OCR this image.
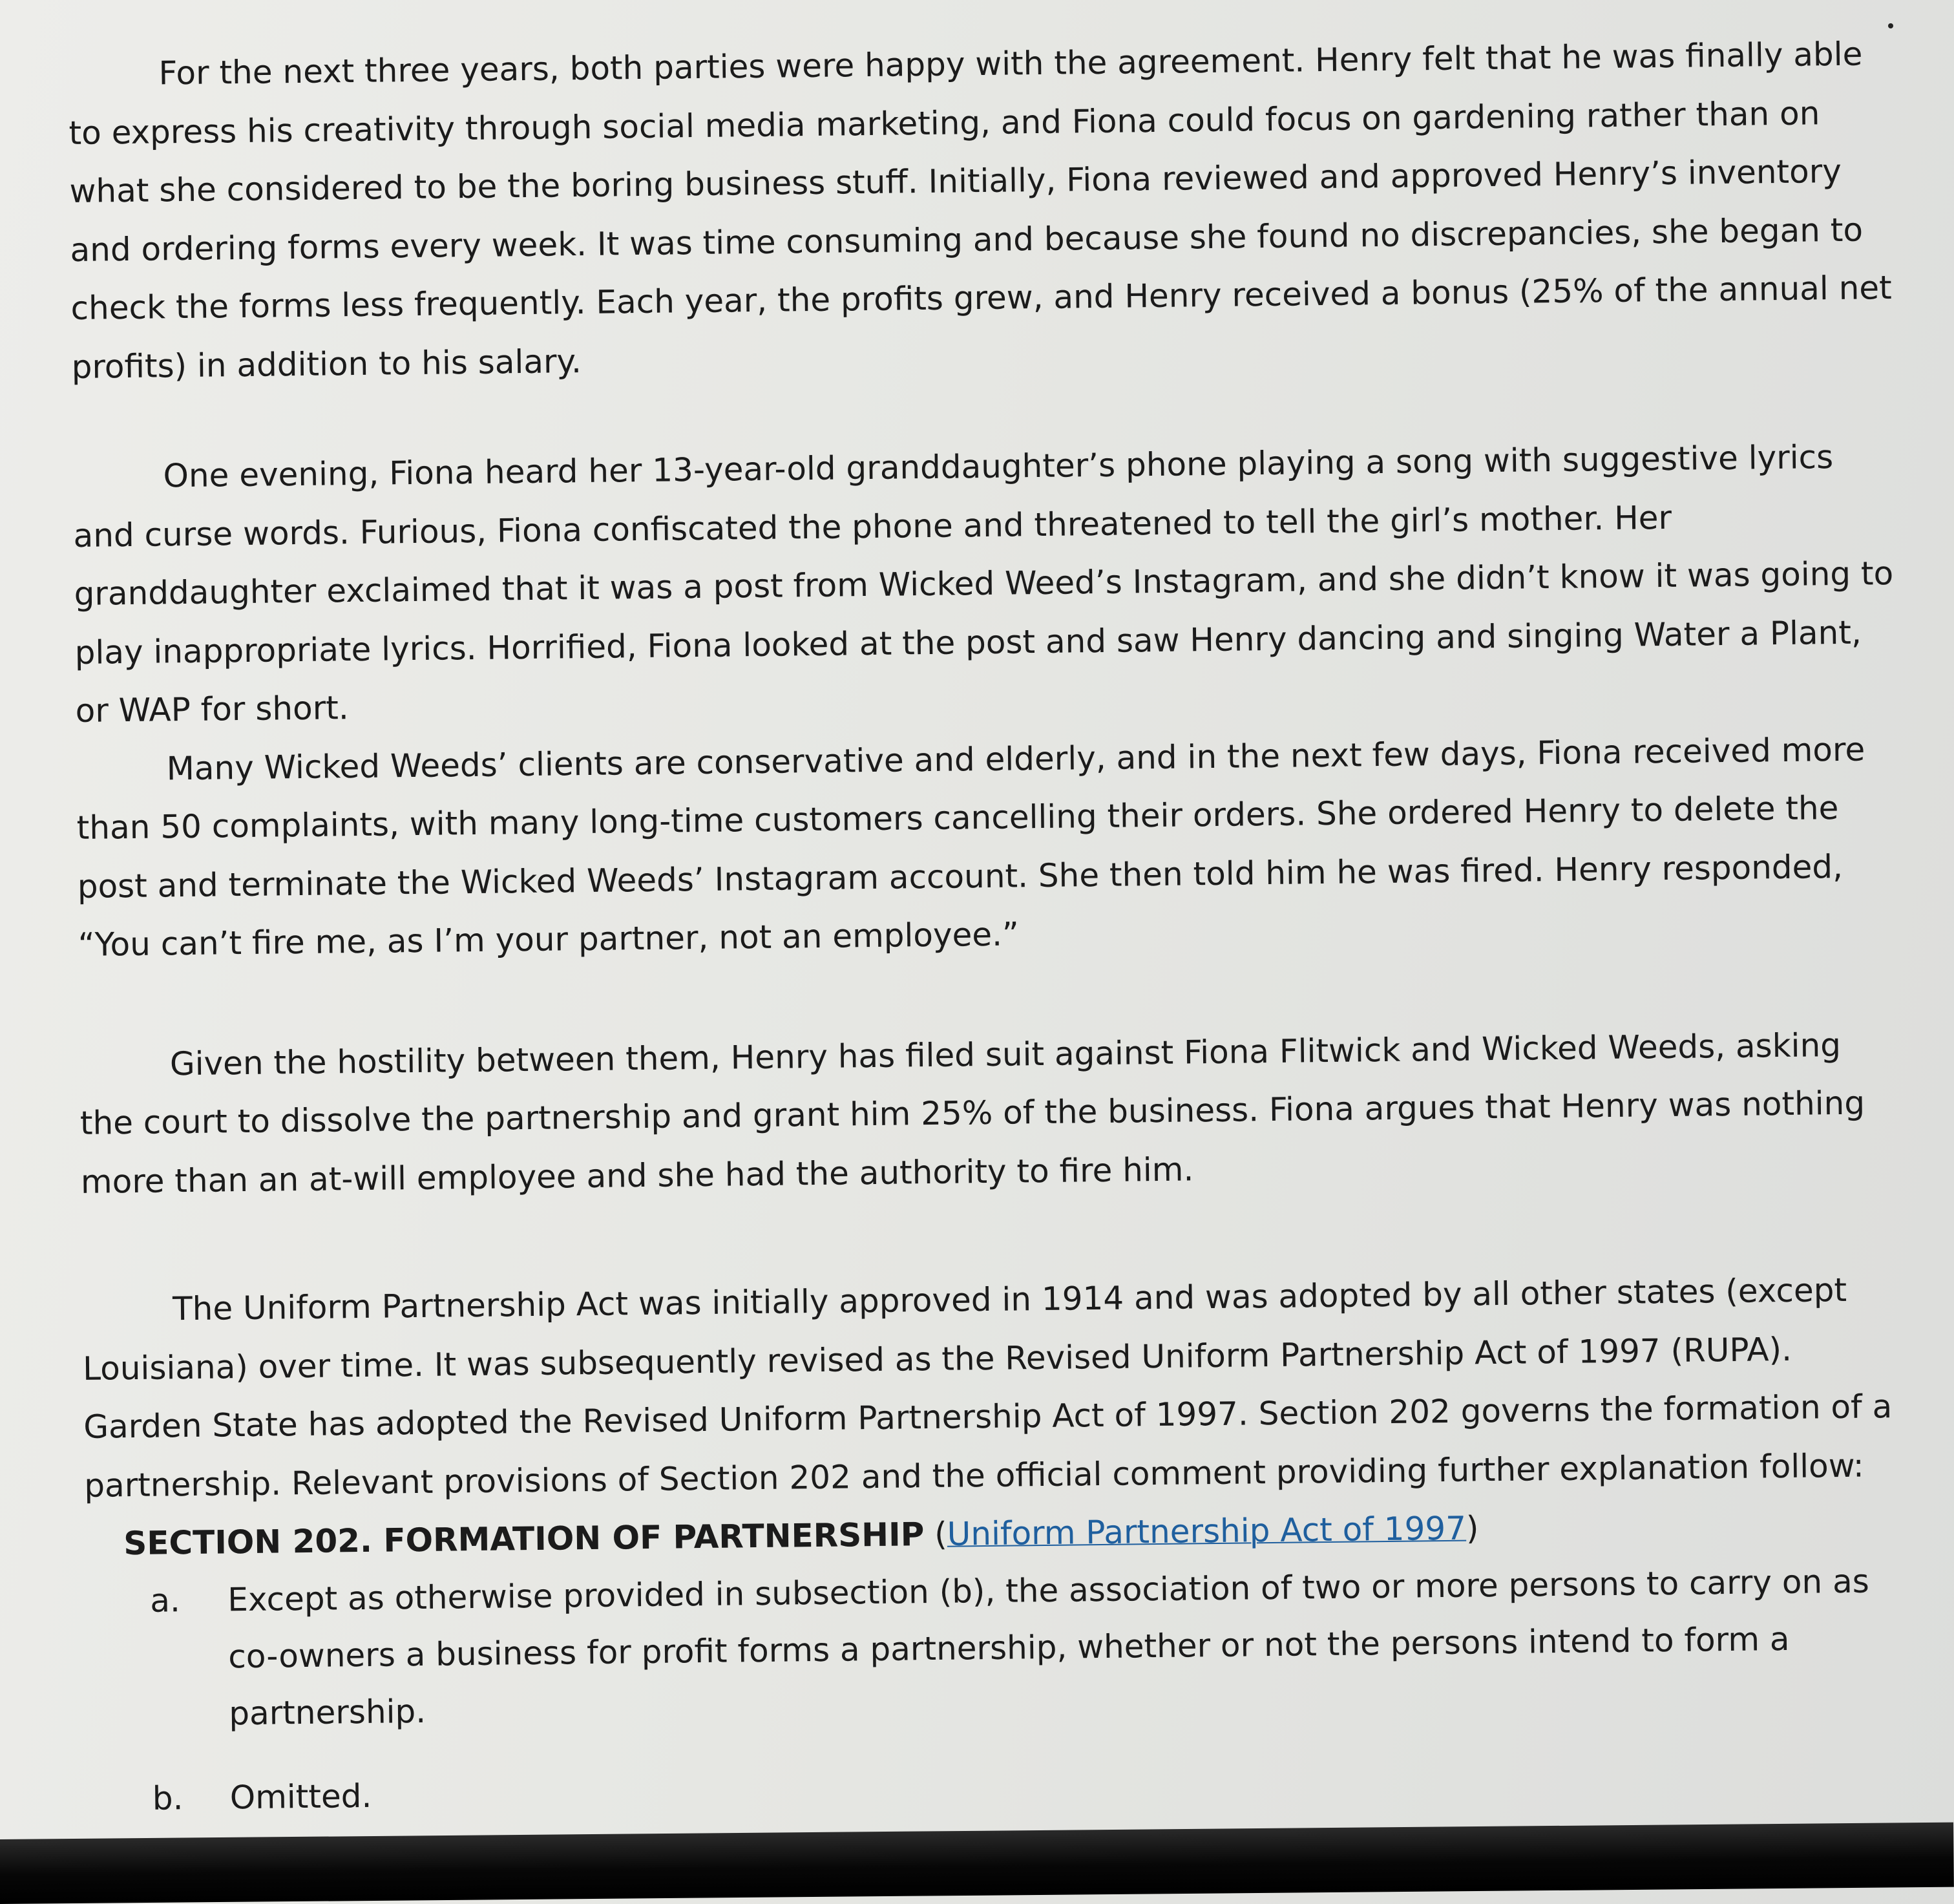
For the next three years, both parties were happy with the agreement. Henry felt that he was finally able to express his creativity through social media marketing, and Fiona could focus on gardening rather than on what she considered to be the boring business stuff. Initially, Fiona reviewed and approved Henry’s inventory and ordering forms every week. It was time consuming and because she found no discrepancies, she began to check the forms less frequently. Each year, the profits grew, and Henry received a bonus (25% of the annual net profits) in addition to his salary.

One evening, Fiona heard her 13-year-old granddaughter’s phone playing a song with suggestive lyrics and curse words. Furious, Fiona confiscated the phone and threatened to tell the girl’s mother. Her granddaughter exclaimed that it was a post from Wicked Weed’s Instagram, and she didn’t know it was going to play inappropriate lyrics. Horrified, Fiona looked at the post and saw Henry dancing and singing Water a Plant, or WAP for short.

Many Wicked Weeds’ clients are conservative and elderly, and in the next few days, Fiona received more than 50 complaints, with many long-time customers cancelling their orders. She ordered Henry to delete the post and terminate the Wicked Weeds’ Instagram account. She then told him he was fired. Henry responded, “You can’t fire me, as I’m your partner, not an employee.”

Given the hostility between them, Henry has filed suit against Fiona Flitwick and Wicked Weeds, asking the court to dissolve the partnership and grant him 25% of the business. Fiona argues that Henry was nothing more than an at-will employee and she had the authority to fire him.

The Uniform Partnership Act was initially approved in 1914 and was adopted by all other states (except Louisiana) over time. It was subsequently revised as the Revised Uniform Partnership Act of 1997 (RUPA). Garden State has adopted the Revised Uniform Partnership Act of 1997. Section 202 governs the formation of a partnership. Relevant provisions of Section 202 and the official comment providing further explanation follow:

SECTION 202. FORMATION OF PARTNERSHIP (Uniform Partnership Act of 1997)
a. Except as otherwise provided in subsection (b), the association of two or more persons to carry on as co-owners a business for profit forms a partnership, whether or not the persons intend to form a partnership.
b. Omitted.
